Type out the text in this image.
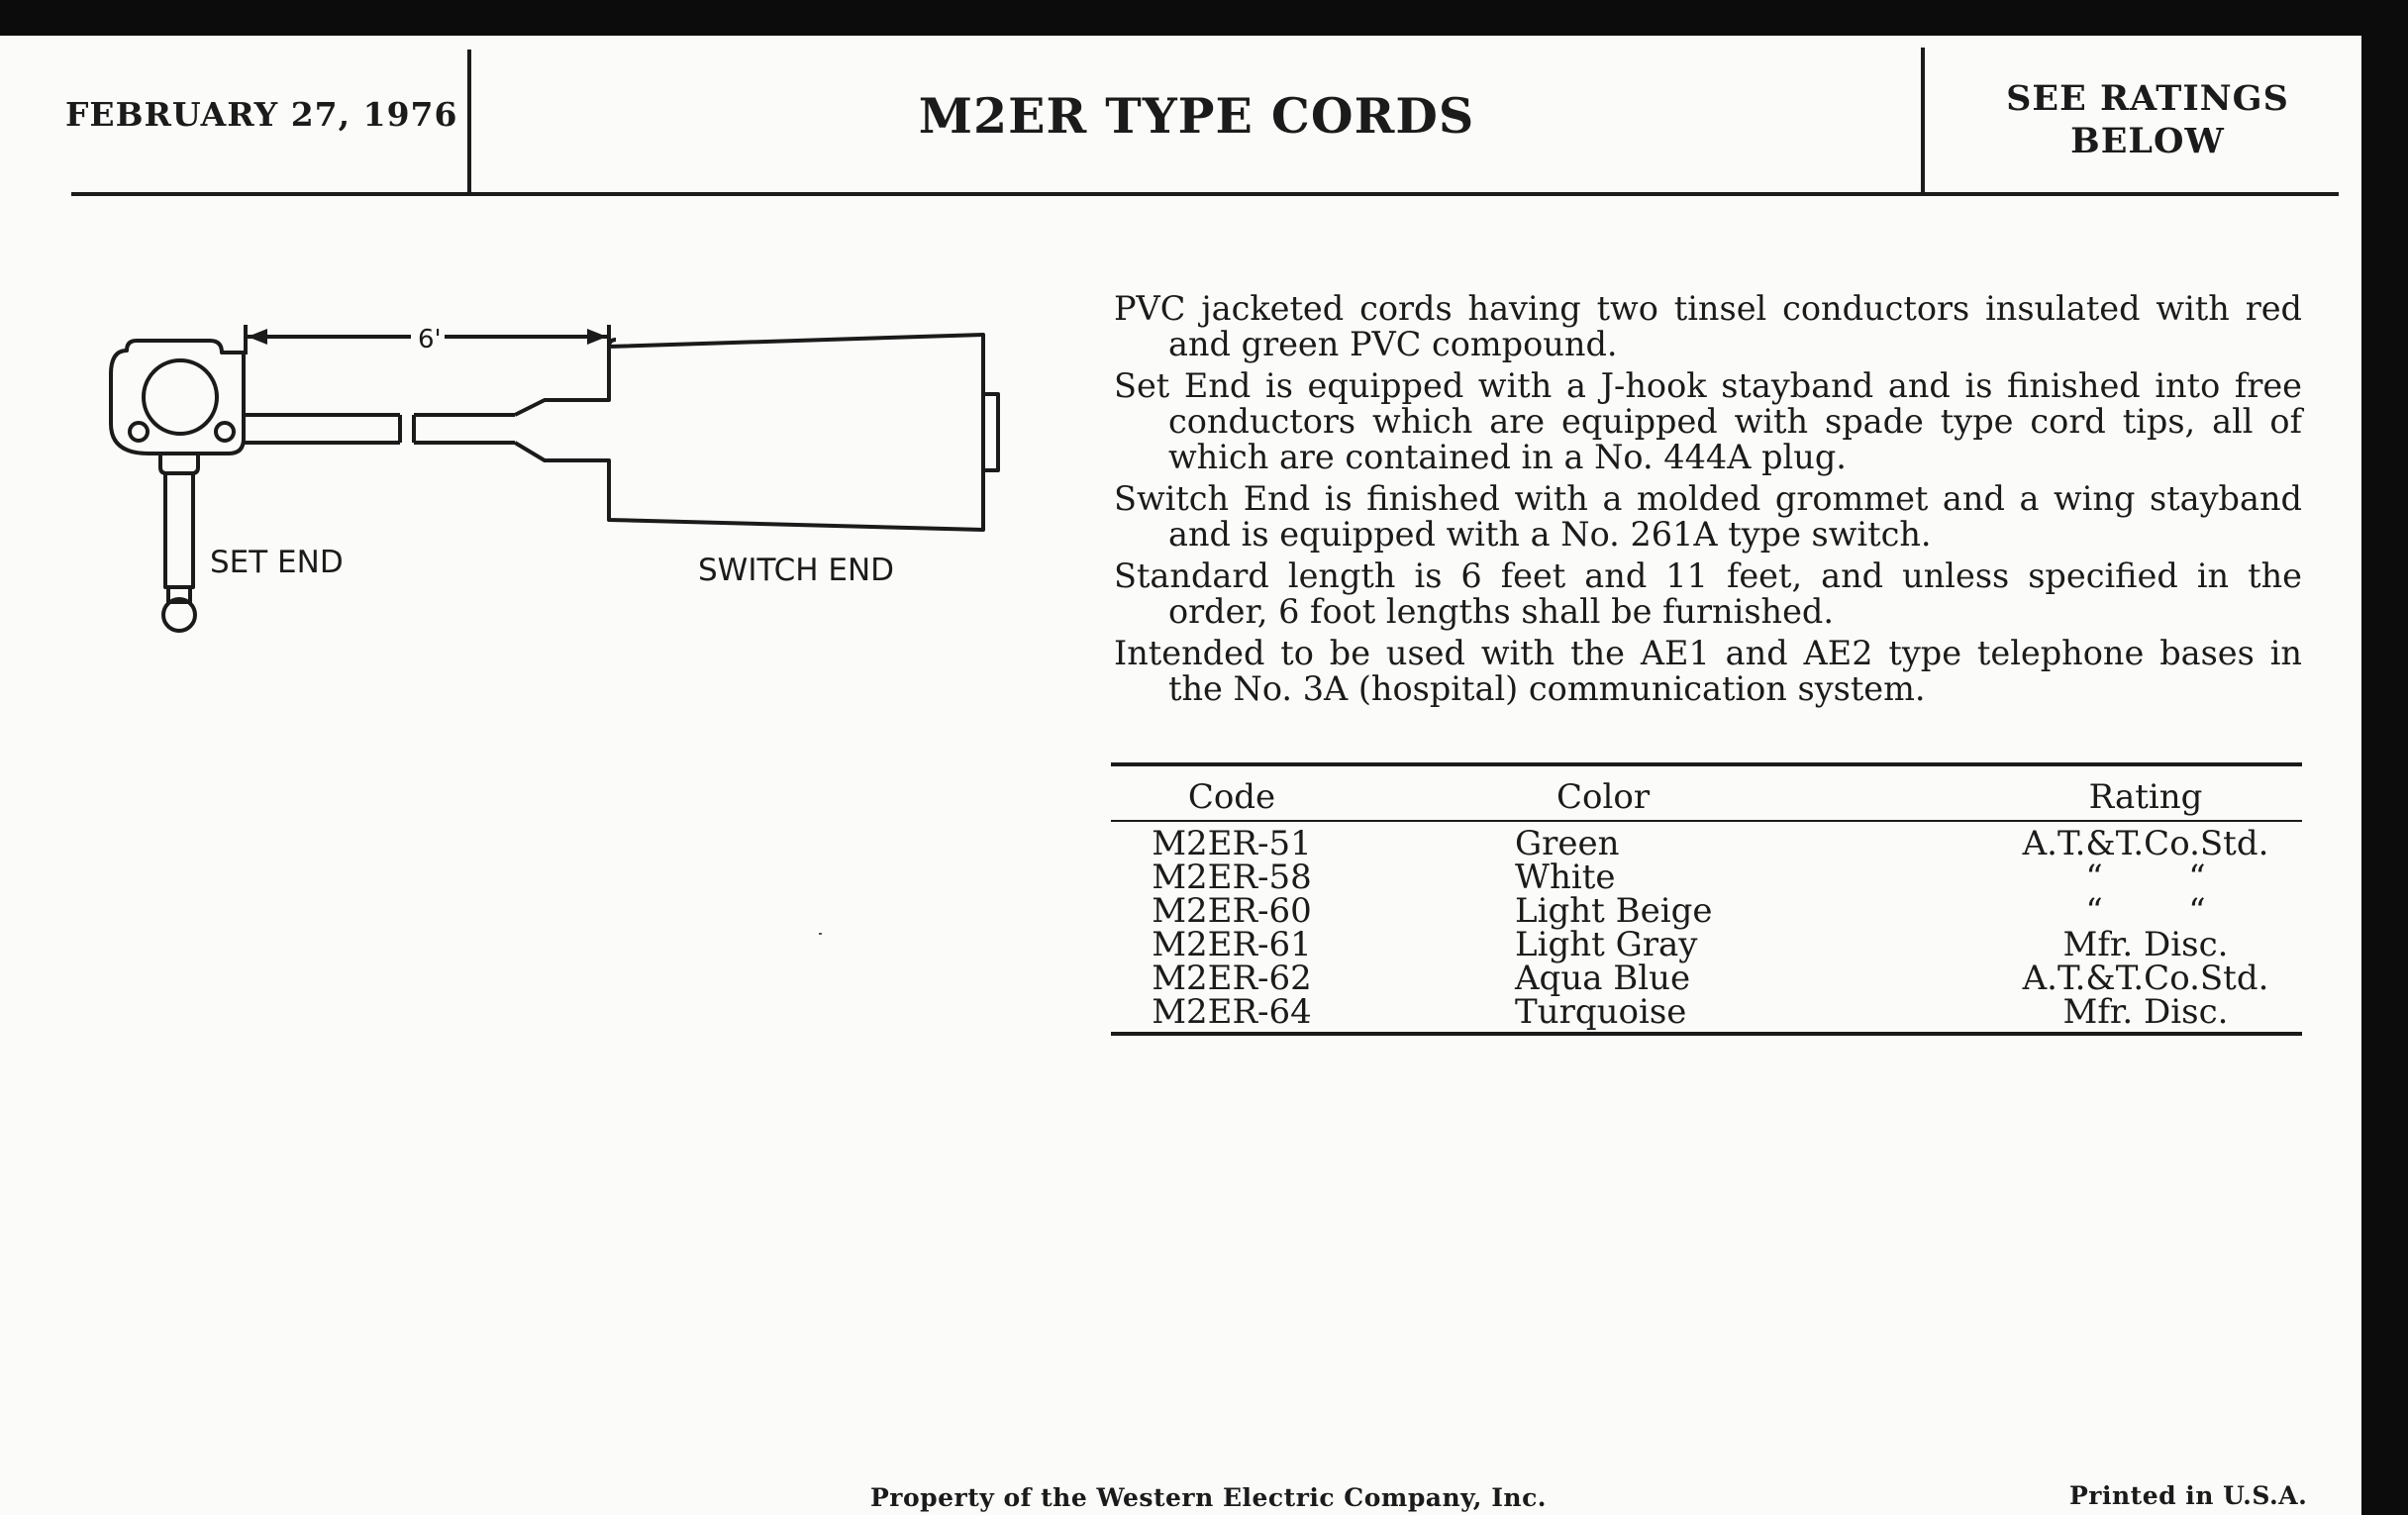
FEBRUARY 27, 1976	M2ER TYPE CORDS	SEE RATINGS
BELOW
6'
SET END	SWITCH END

PVC jacketed cords having two tinsel conductors insulated with red and green PVC compound.

Set End is equipped with a J-hook stayband and is finished into free conductors which are equipped with spade type cord tips, all of which are contained in a No. 444A plug.

Switch End is finished with a molded grommet and a wing stayband and is equipped with a No. 261A type switch.

Standard length is 6 feet and 11 feet, and unless specified in the order, 6 foot lengths shall be furnished.

Intended to be used with the AE1 and AE2 type telephone bases in the No. 3A (hospital) communication system.

Code	Color	Rating
M2ER-51	Green	A.T.&T.Co.Std.
M2ER-58	White	“        “
M2ER-60	Light Beige	“        “
M2ER-61	Light Gray	Mfr. Disc.
M2ER-62	Aqua Blue	A.T.&T.Co.Std.
M2ER-64	Turquoise	Mfr. Disc.
Property of the Western Electric Company, Inc.	Printed in U.S.A.
